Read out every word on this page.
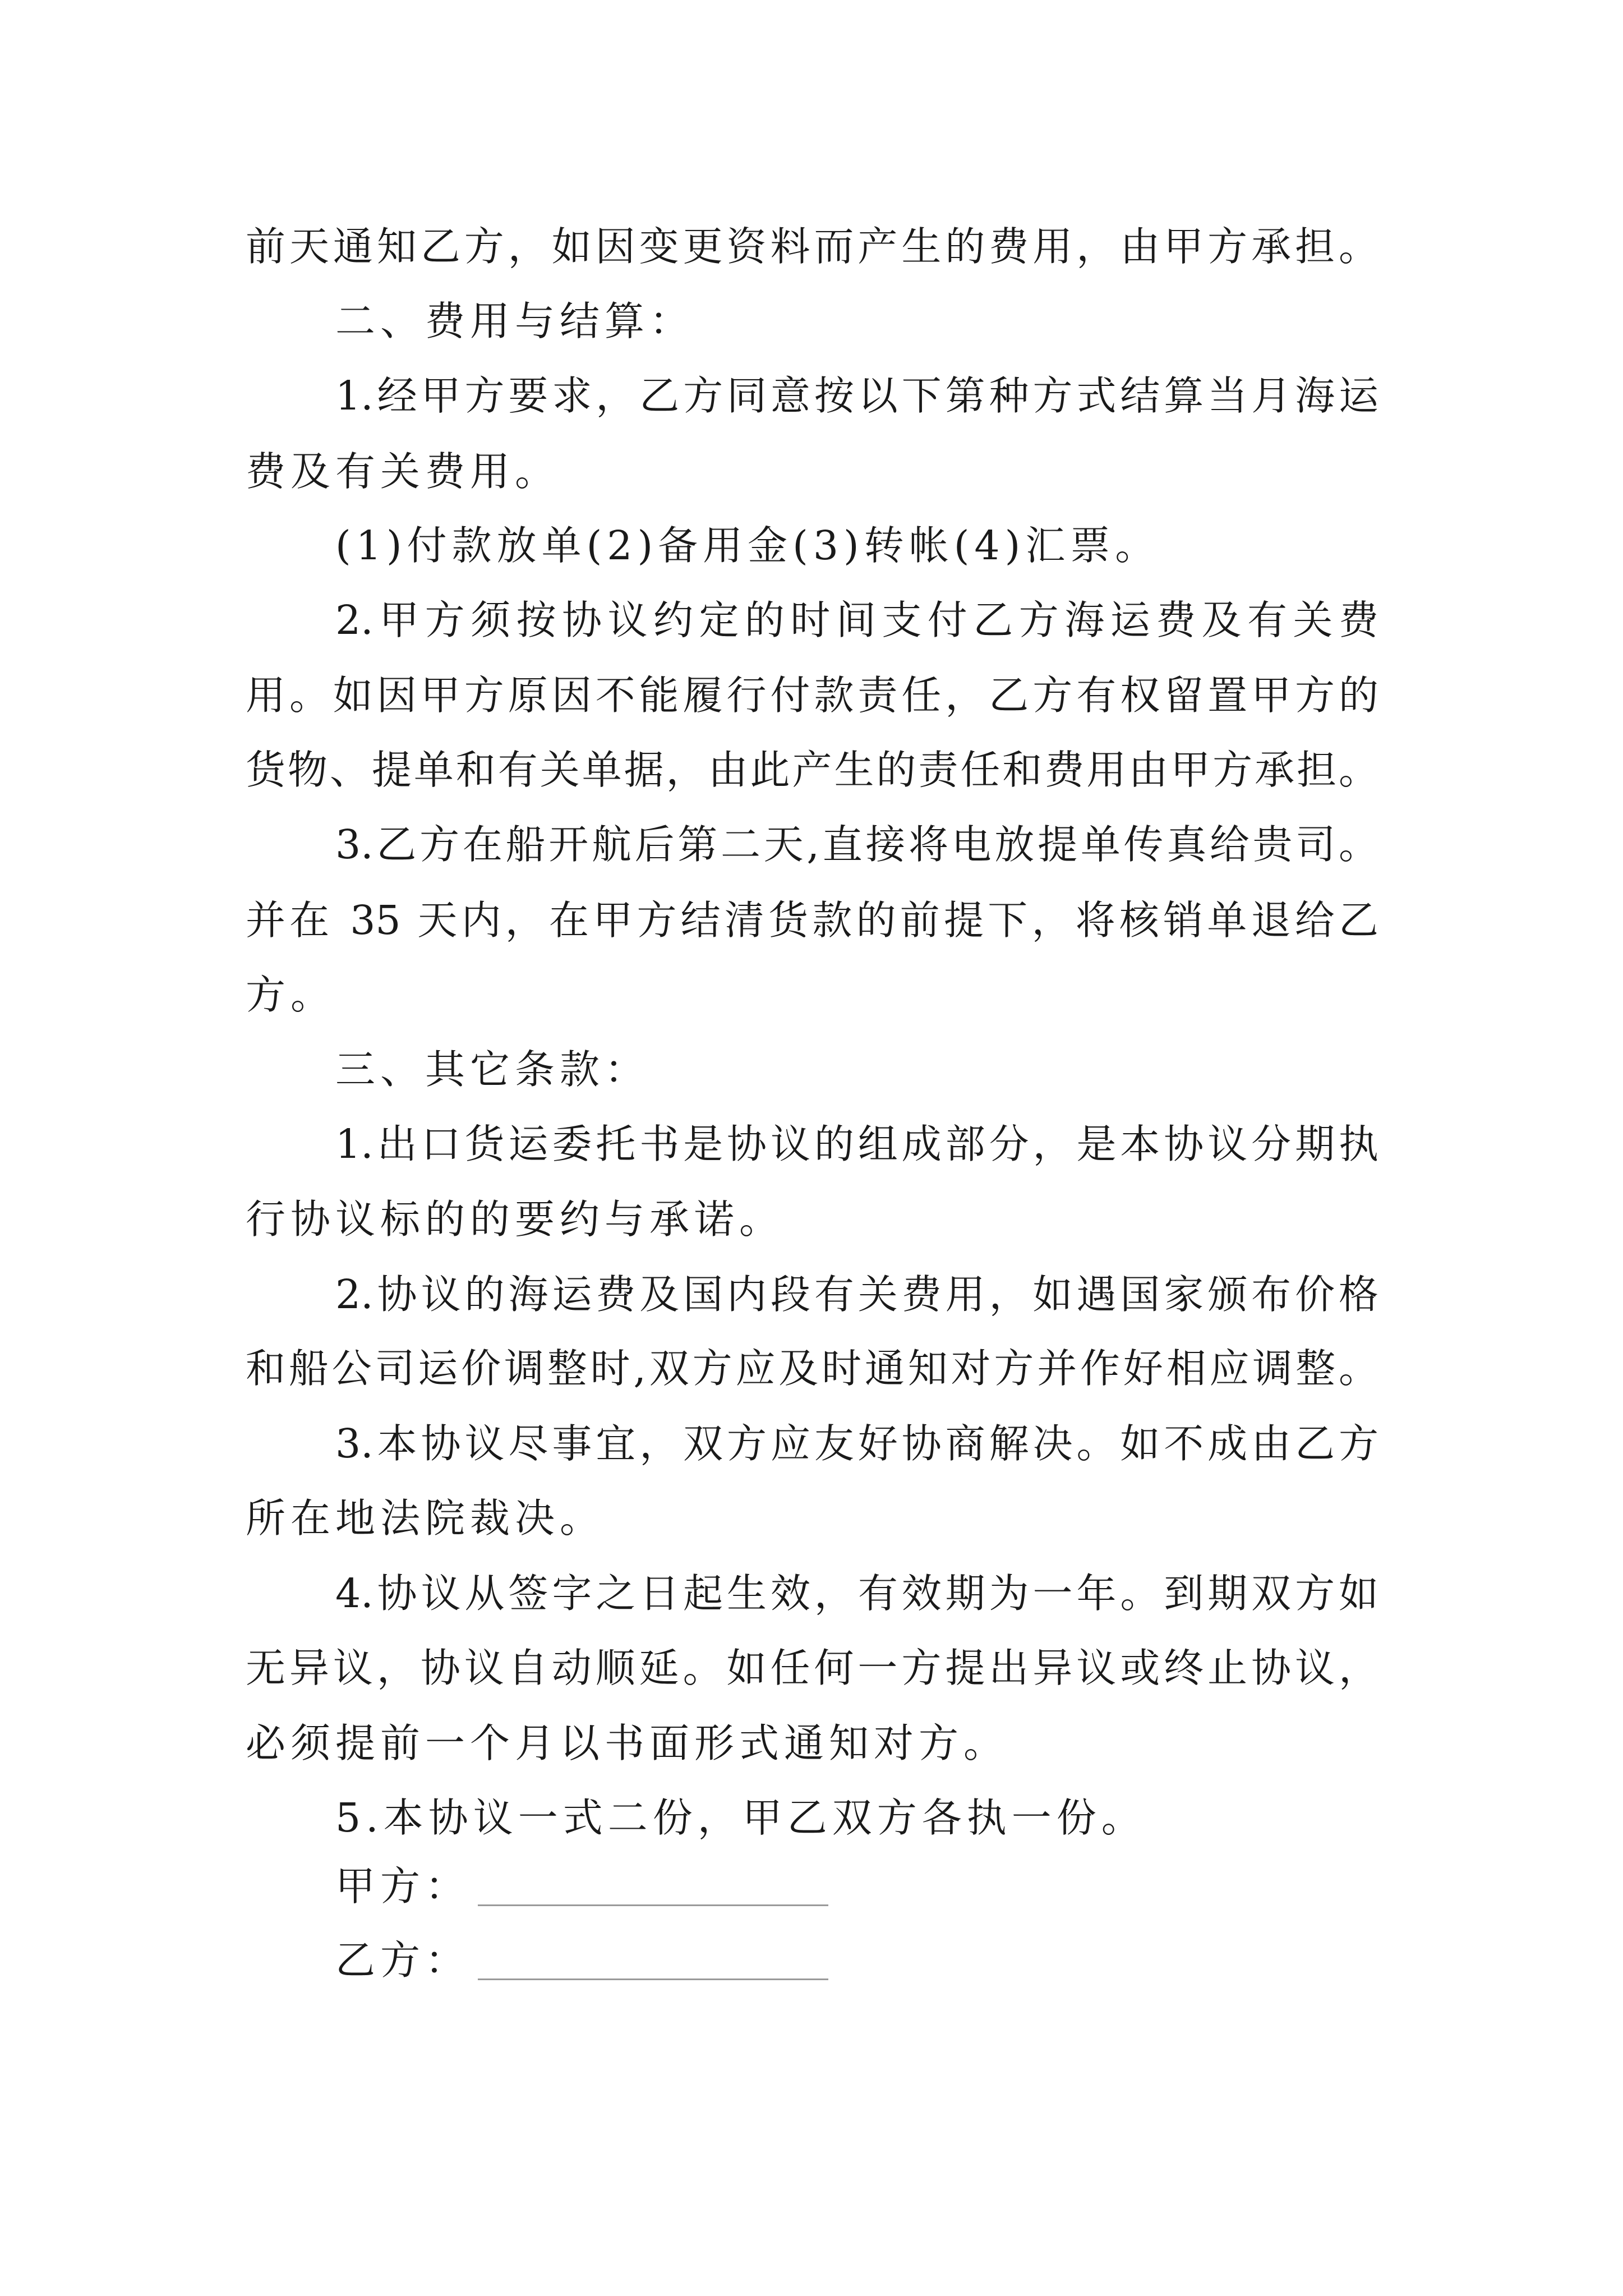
前天通知乙方，如因变更资料而产生的费用，由甲方承担。
二、费用与结算：
1.经甲方要求，乙方同意按以下第种方式结算当月海运
费及有关费用。
(1)付款放单(2)备用金(3)转帐(4)汇票。
2.甲方须按协议约定的时间支付乙方海运费及有关费
用。如因甲方原因不能履行付款责任，乙方有权留置甲方的
货物、提单和有关单据，由此产生的责任和费用由甲方承担。
3.乙方在船开航后第二天,直接将电放提单传真给贵司。
并在 35 天内，在甲方结清货款的前提下，将核销单退给乙
方。
三、其它条款：
1.出口货运委托书是协议的组成部分，是本协议分期执
行协议标的的要约与承诺。
2.协议的海运费及国内段有关费用，如遇国家颁布价格
和船公司运价调整时,双方应及时通知对方并作好相应调整。
3.本协议尽事宜，双方应友好协商解决。如不成由乙方
所在地法院裁决。
4.协议从签字之日起生效，有效期为一年。到期双方如
无异议，协议自动顺延。如任何一方提出异议或终止协议，
必须提前一个月以书面形式通知对方。
5.本协议一式二份，甲乙双方各执一份。
甲方：
乙方：
